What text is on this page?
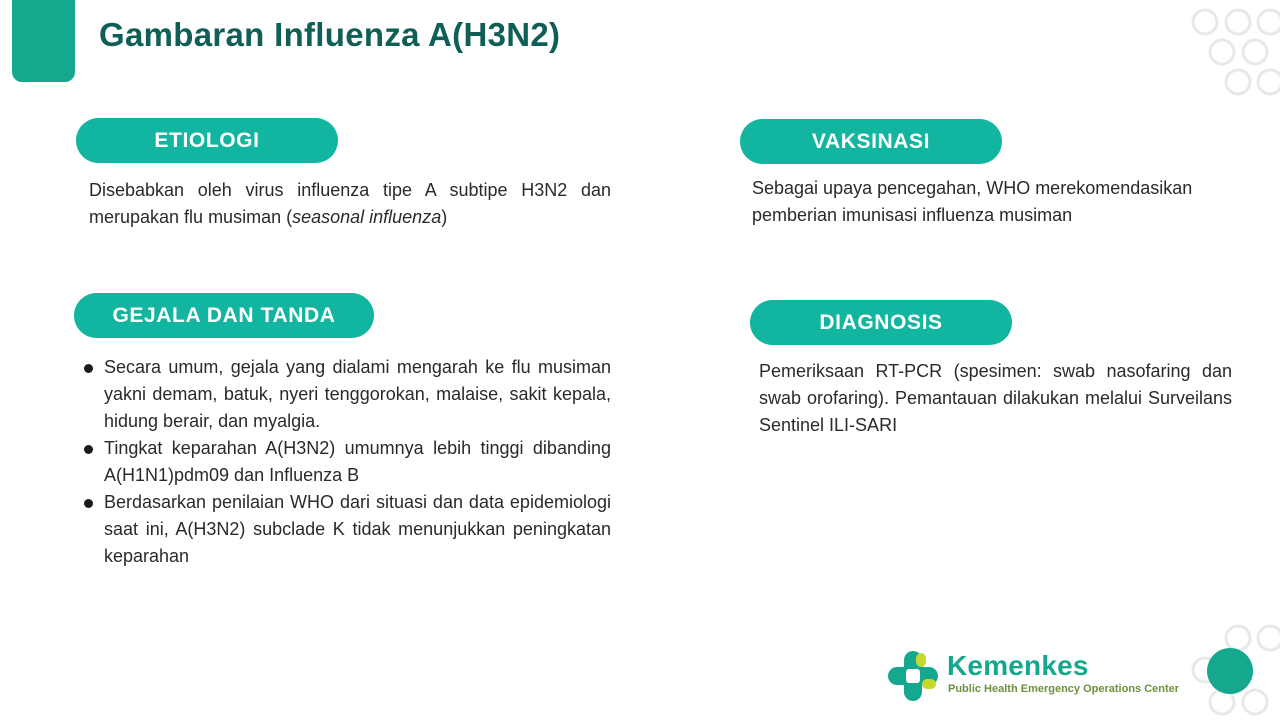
Gambaran Influenza A(H3N2)
ETIOLOGI
Disebabkan oleh virus influenza tipe A subtipe H3N2 dan merupakan flu musiman (seasonal influenza)
GEJALA DAN TANDA
Secara umum, gejala yang dialami mengarah ke flu musiman yakni demam, batuk, nyeri tenggorokan, malaise, sakit kepala, hidung berair, dan myalgia.
Tingkat keparahan A(H3N2) umumnya lebih tinggi dibanding A(H1N1)pdm09 dan Influenza B
Berdasarkan penilaian WHO dari situasi dan data epidemiologi saat ini, A(H3N2) subclade K tidak menunjukkan peningkatan keparahan
VAKSINASI
Sebagai upaya pencegahan, WHO merekomendasikan pemberian imunisasi influenza musiman
DIAGNOSIS
Pemeriksaan RT-PCR (spesimen: swab nasofaring dan swab orofaring). Pemantauan dilakukan melalui Surveilans Sentinel ILI-SARI
Kemenkes
Public Health Emergency Operations Center
